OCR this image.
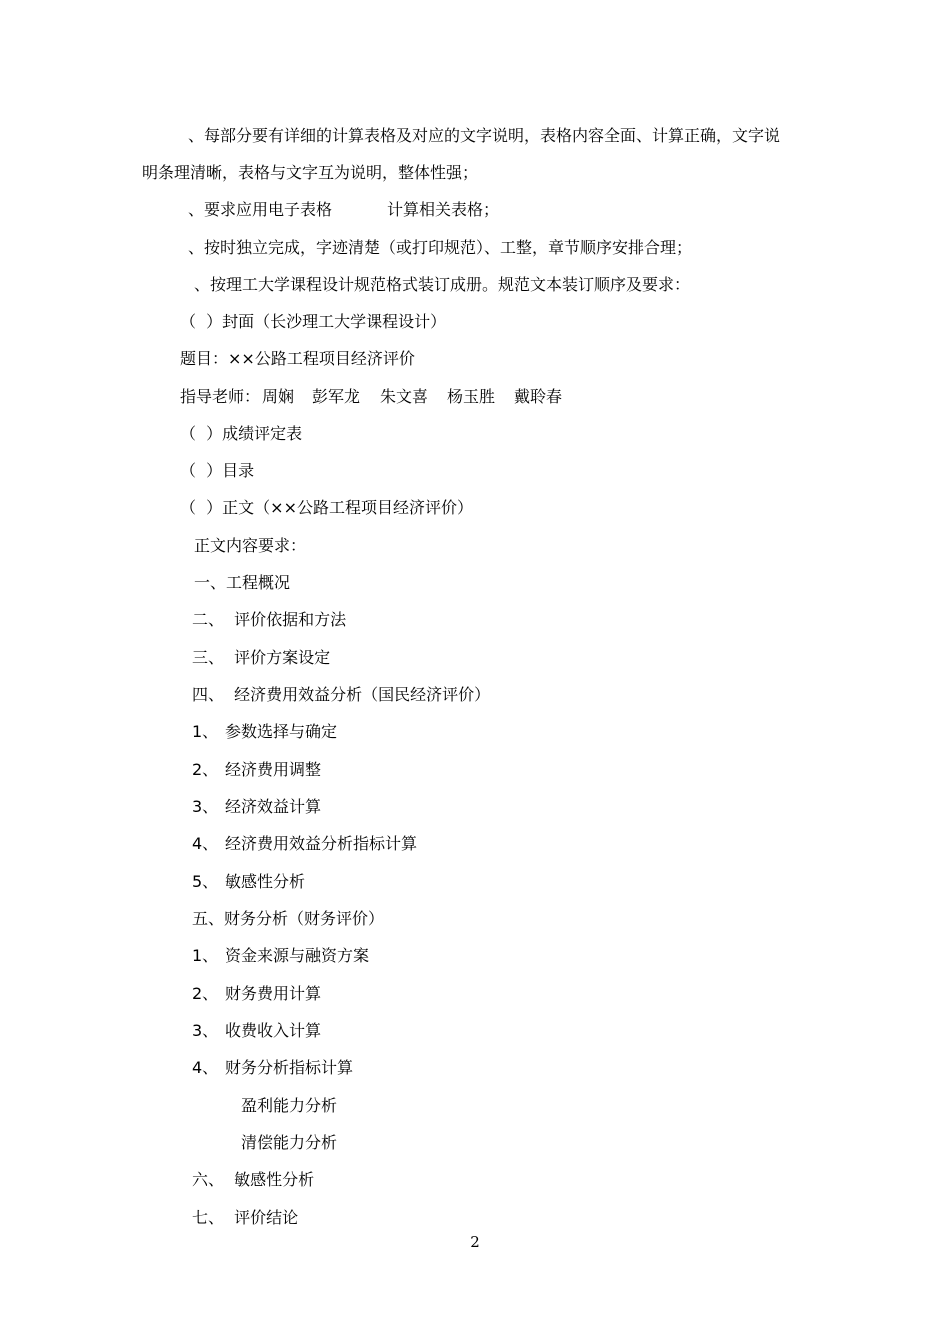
、每部分要有详细的计算表格及对应的文字说明，表格内容全面、计算正确，文字说
明条理清晰，表格与文字互为说明，整体性强；
、要求应用电子表格	计算相关表格；
、按时独立完成，字迹清楚（或打印规范）、工整，章节顺序安排合理；
、按理工大学课程设计规范格式装订成册。规范文本装订顺序及要求：
（  ）封面（长沙理工大学课程设计）
题目：××公路工程项目经济评价
指导老师： 周娴 彭军龙 朱文喜 杨玉胜 戴聆春
（  ）成绩评定表
（  ）目录
（  ）正文（××公路工程项目经济评价）
正文内容要求：
一、工程概况
二、  评价依据和方法
三、  评价方案设定
四、  经济费用效益分析（国民经济评价）
1、 参数选择与确定
2、 经济费用调整
3、 经济效益计算
4、 经济费用效益分析指标计算
5、 敏感性分析
五、财务分析（财务评价）
1、 资金来源与融资方案
2、 财务费用计算
3、 收费收入计算
4、 财务分析指标计算
盈利能力分析
清偿能力分析
六、  敏感性分析
七、  评价结论
2
